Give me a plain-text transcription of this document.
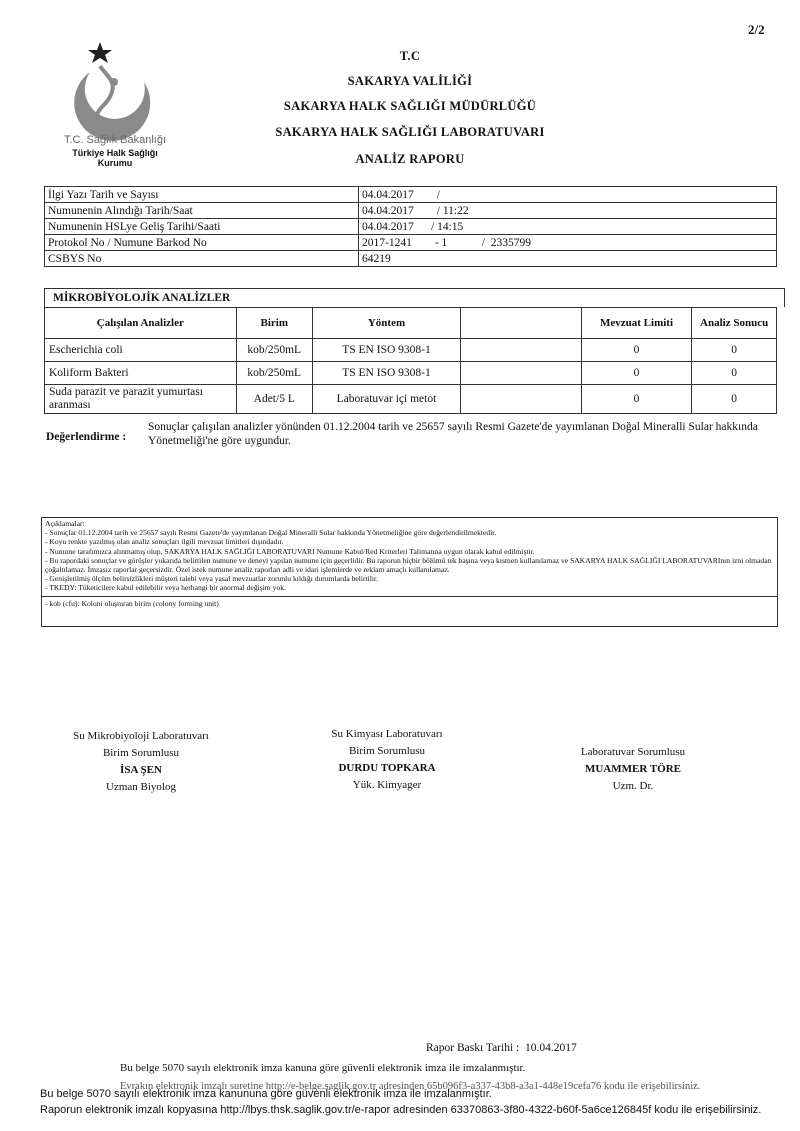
2/2
T.C. Sağlık Bakanlığı
Türkiye Halk Sağlığı
Kurumu
T.C
SAKARYA VALİLİĞİ
SAKARYA HALK SAĞLIĞI MÜDÜRLÜĞÜ
SAKARYA HALK SAĞLIĞI LABORATUVARI
ANALİZ RAPORU
İlgi Yazı Tarih ve Sayısı	04.04.2017        /
Numunenin Alındığı Tarih/Saat	04.04.2017        / 11:22
Numunenin HSLye Geliş Tarihi/Saati	04.04.2017      / 14:15
Protokol No / Numune Barkod No	2017-1241        - 1            /  2335799
CSBYS No	64219
MİKROBİYOLOJİK ANALİZLER
Çalışılan Analizler	Birim	Yöntem		Mevzuat Limiti	Analiz Sonucu
Escherichia coli	kob/250mL	TS EN ISO 9308-1		0	0
Koliform Bakteri	kob/250mL	TS EN ISO 9308-1		0	0
Suda parazit ve parazit yumurtası aranması	Adet/5 L	Laboratuvar içi metot		0	0
Değerlendirme :
Sonuçlar çalışılan analizler yönünden 01.12.2004 tarih ve 25657 sayılı Resmi Gazete'de yayımlanan Doğal Mineralli Sular hakkında Yönetmeliği'ne göre uygundur.
Açıklamalar:
- Sonuçlar 01.12.2004 tarih ve 25657 sayılı Resmi Gazete'de yayımlanan Doğal Mineralli Sular hakkında Yönetmeliğine göre değerlendirilmektedir.
- Koyu renkte yazılmış olan analiz sonuçları ilgili mevzuat limitleri dışındadır.
- Numune tarafımızca alınmamış olup, SAKARYA HALK SAĞLIĞI LABORATUVARI Numune Kabul/Red Kriterleri Talimatına uygun olarak kabul edilmiştir.
- Bu rapordaki sonuçlar ve görüşler yukarıda belirtilen numune ve deneyi yapılan numune için geçerlidir. Bu raporun hiçbir bölümü tek başına veya kısmen kullanılamaz ve SAKARYA HALK SAĞLIĞI LABORATUVARInın izni olmadan çoğaltılamaz. İmzasız raporlar geçersizdir. Özel istek numune analiz raporları adli ve idari işlemlerde ve reklam amaçlı kullanılamaz.
- Genişletilmiş ölçüm belirsizlikleri müşteri talebi veya yasal mevzuatlar zorunlu kıldığı durumlarda belirtilir.
- TKEDY: Tüketicilere kabul edilebilir veya herhangi bir anormal değişim yok.
- kob (cfu): Koloni oluşturan birim (colony forming unit)
Su Mikrobiyoloji Laboratuvarı
Birim Sorumlusu
İSA ŞEN
Uzman Biyolog
Su Kimyası Laboratuvarı
Birim Sorumlusu
DURDU TOPKARA
Yük. Kimyager
Laboratuvar Sorumlusu
MUAMMER TÖRE
Uzm. Dr.
Rapor Baskı Tarihi : 10.04.2017
Bu belge 5070 sayılı elektronik imza kanuna göre güvenli elektronik imza ile imzalanmıştır.
Evrakın elektronik imzalı suretine http://e-belge.saglik.gov.tr adresinden 65b096f3-a337-43b8-a3a1-448e19cefa76 kodu ile erişebilirsiniz.
Bu belge 5070 sayılı elektronik imza kanununa göre güvenli elektronik imza ile imzalanmıştır.
Raporun elektronik imzalı kopyasına http://lbys.thsk.saglik.gov.tr/e-rapor adresinden 63370863-3f80-4322-b60f-5a6ce126845f kodu ile erişebilirsiniz.
